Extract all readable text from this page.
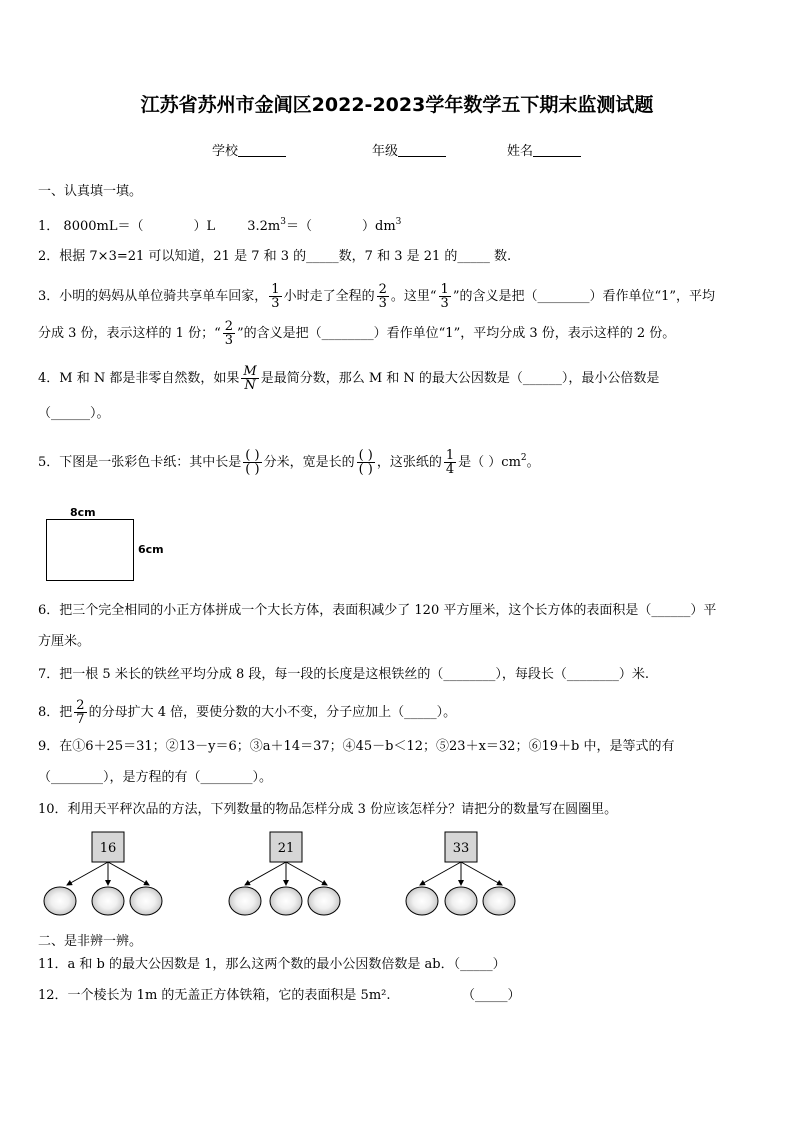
江苏省苏州市金阊区2022-2023学年数学五下期末监测试题
学校	年级	姓名
一、认真填一填。
1． 8000mL＝（	）L $3.2m^3=$（	）$dm^3$
2．根据 7×3=21 可以知道，21 是 7 和 3 的_____数，7 和 3 是 21 的_____ 数.
3．小明的妈妈从单位骑共享单车回家， $\frac{1}{3}$ 小时走了全程的 $\frac{2}{3}$ 。这里“ $\frac{1}{3}$ ”的含义是把（________）看作单位“1”，平均
分成 3 份，表示这样的 1 份；“ $\frac{2}{3}$ ”的含义是把（________）看作单位“1”，平均分成 3 份，表示这样的 2 份。
4．M 和 N 都是非零自然数，如果 $\frac{M}{N}$ 是最简分数，那么 M 和 N 的最大公因数是（______），最小公倍数是
（______）。
5．下图是一张彩色卡纸：其中长是 $\frac{( )}{( )}$ 分米，宽是长的 $\frac{( )}{( )}$ ，这张纸的 $\frac{1}{4}$ 是（ ）$cm^2$。
8cm
6cm
6．把三个完全相同的小正方体拼成一个大长方体，表面积减少了 120 平方厘米，这个长方体的表面积是（______）平
方厘米。
7．把一根 5 米长的铁丝平均分成 8 段，每一段的长度是这根铁丝的（________），每段长（________）米.
8．把 $\frac{2}{7}$ 的分母扩大 4 倍，要使分数的大小不变，分子应加上（_____）。
9．在①6＋25＝31；②13－y＝6；③a＋14＝37；④45－b＜12；⑤23＋x＝32；⑥19＋b 中，是等式的有
（________），是方程的有（________）。
10．利用天平秤次品的方法，下列数量的物品怎样分成 3 份应该怎样分？请把分的数量写在圆圈里。
16	21	33
二、是非辨一辨。
11．a 和 b 的最大公因数是 1，那么这两个数的最小公因数倍数是 ab．（_____）
12．一个棱长为 1m 的无盖正方体铁箱，它的表面积是 5m².	（_____）
